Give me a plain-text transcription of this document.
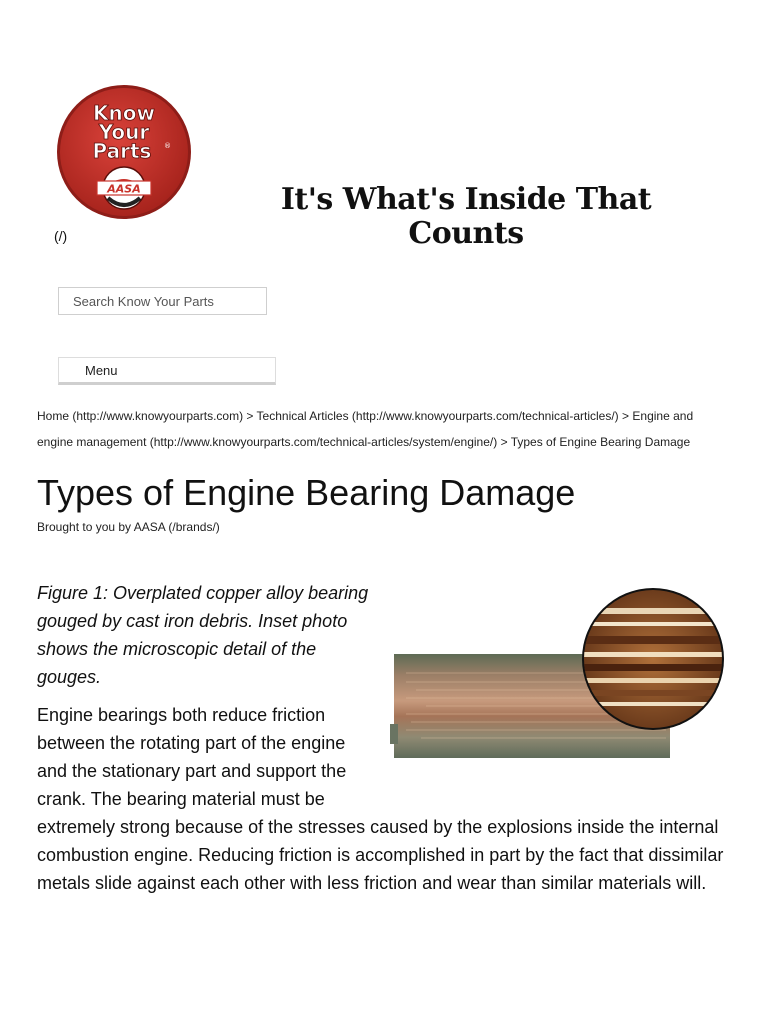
Know
Your
Parts ®
AASA
(/)
It's What's Inside That Counts
Search Know Your Parts
Menu
Home (http://www.knowyourparts.com) > Technical Articles (http://www.knowyourparts.com/technical-articles/) > Engine and engine management (http://www.knowyourparts.com/technical-articles/system/engine/) > Types of Engine Bearing Damage
Types of Engine Bearing Damage
Brought to you by AASA (/brands/)

Figure 1: Overplated copper alloy bearing gouged by cast iron debris. Inset photo shows the microscopic detail of the gouges.

Engine bearings both reduce friction between the rotating part of the engine and the stationary part and support the crank. The bearing material must be extremely strong because of the stresses caused by the explosions inside the internal combustion engine. Reducing friction is accomplished in part by the fact that dissimilar metals slide against each other with less friction and wear than similar materials will.
